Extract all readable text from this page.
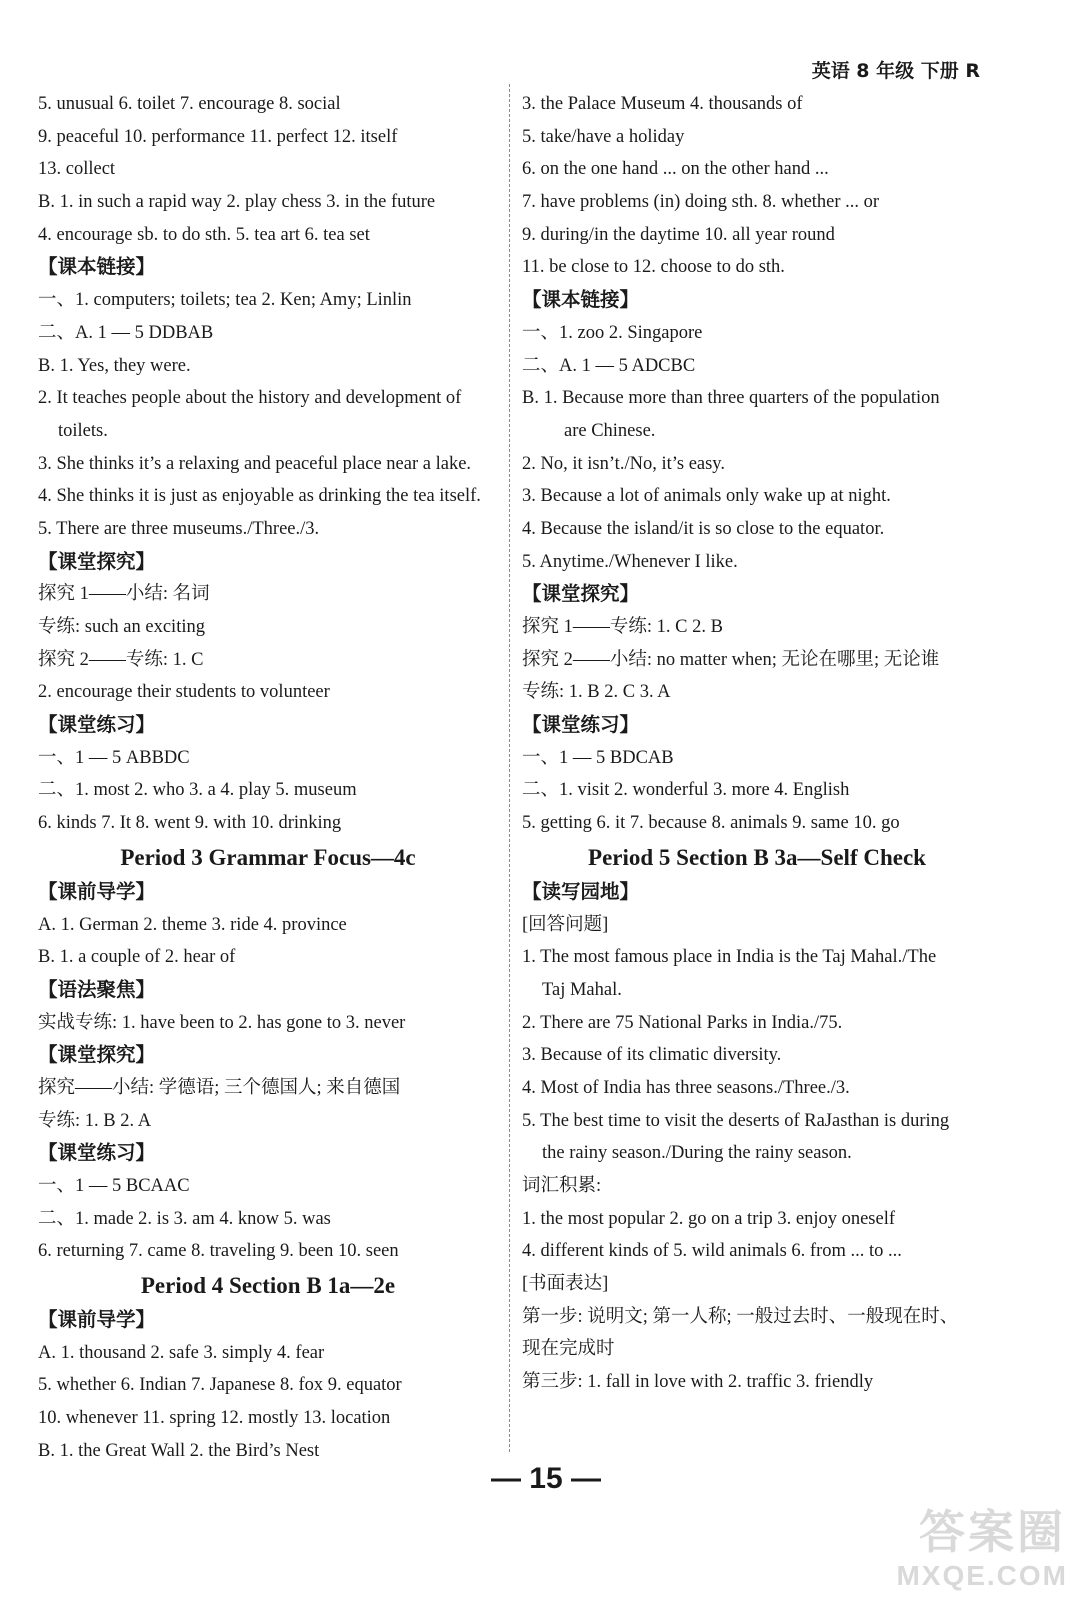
英语 8 年级 下册 R
5. unusual 6. toilet 7. encourage 8. social
9. peaceful 10. performance 11. perfect 12. itself
13. collect
B. 1. in such a rapid way 2. play chess 3. in the future
4. encourage sb. to do sth. 5. tea art 6. tea set
【课本链接】
一、1. computers; toilets; tea 2. Ken; Amy; Linlin
二、A. 1 — 5 DDBAB
B. 1. Yes, they were.
2. It teaches people about the history and development of
toilets.
3. She thinks it’s a relaxing and peaceful place near a lake.
4. She thinks it is just as enjoyable as drinking the tea itself.
5. There are three museums./Three./3.
【课堂探究】
探究 1——小结: 名词
专练: such an exciting
探究 2——专练: 1. C
2. encourage their students to volunteer
【课堂练习】
一、1 — 5 ABBDC
二、1. most 2. who 3. a 4. play 5. museum
6. kinds 7. It 8. went 9. with 10. drinking
Period 3 Grammar Focus—4c
【课前导学】
A. 1. German 2. theme 3. ride 4. province
B. 1. a couple of 2. hear of
【语法聚焦】
实战专练: 1. have been to 2. has gone to 3. never
【课堂探究】
探究——小结: 学德语; 三个德国人; 来自德国
专练: 1. B 2. A
【课堂练习】
一、1 — 5 BCAAC
二、1. made 2. is 3. am 4. know 5. was
6. returning 7. came 8. traveling 9. been 10. seen
Period 4 Section B 1a—2e
【课前导学】
A. 1. thousand 2. safe 3. simply 4. fear
5. whether 6. Indian 7. Japanese 8. fox 9. equator
10. whenever 11. spring 12. mostly 13. location
B. 1. the Great Wall 2. the Bird’s Nest
3. the Palace Museum 4. thousands of
5. take/have a holiday
6. on the one hand ... on the other hand ...
7. have problems (in) doing sth. 8. whether ... or
9. during/in the daytime 10. all year round
11. be close to 12. choose to do sth.
【课本链接】
一、1. zoo 2. Singapore
二、A. 1 — 5 ADCBC
B. 1. Because more than three quarters of the population
are Chinese.
2. No, it isn’t./No, it’s easy.
3. Because a lot of animals only wake up at night.
4. Because the island/it is so close to the equator.
5. Anytime./Whenever I like.
【课堂探究】
探究 1——专练: 1. C 2. B
探究 2——小结: no matter when; 无论在哪里; 无论谁
专练: 1. B 2. C 3. A
【课堂练习】
一、1 — 5 BDCAB
二、1. visit 2. wonderful 3. more 4. English
5. getting 6. it 7. because 8. animals 9. same 10. go
Period 5 Section B 3a—Self Check
【读写园地】
[回答问题]
1. The most famous place in India is the Taj Mahal./The
Taj Mahal.
2. There are 75 National Parks in India./75.
3. Because of its climatic diversity.
4. Most of India has three seasons./Three./3.
5. The best time to visit the deserts of RaJasthan is during
the rainy season./During the rainy season.
词汇积累:
1. the most popular 2. go on a trip 3. enjoy oneself
4. different kinds of 5. wild animals 6. from ... to ...
[书面表达]
第一步: 说明文; 第一人称; 一般过去时、一般现在时、
现在完成时
第三步: 1. fall in love with 2. traffic 3. friendly
— 15 —
答案圈
MXQE.COM
